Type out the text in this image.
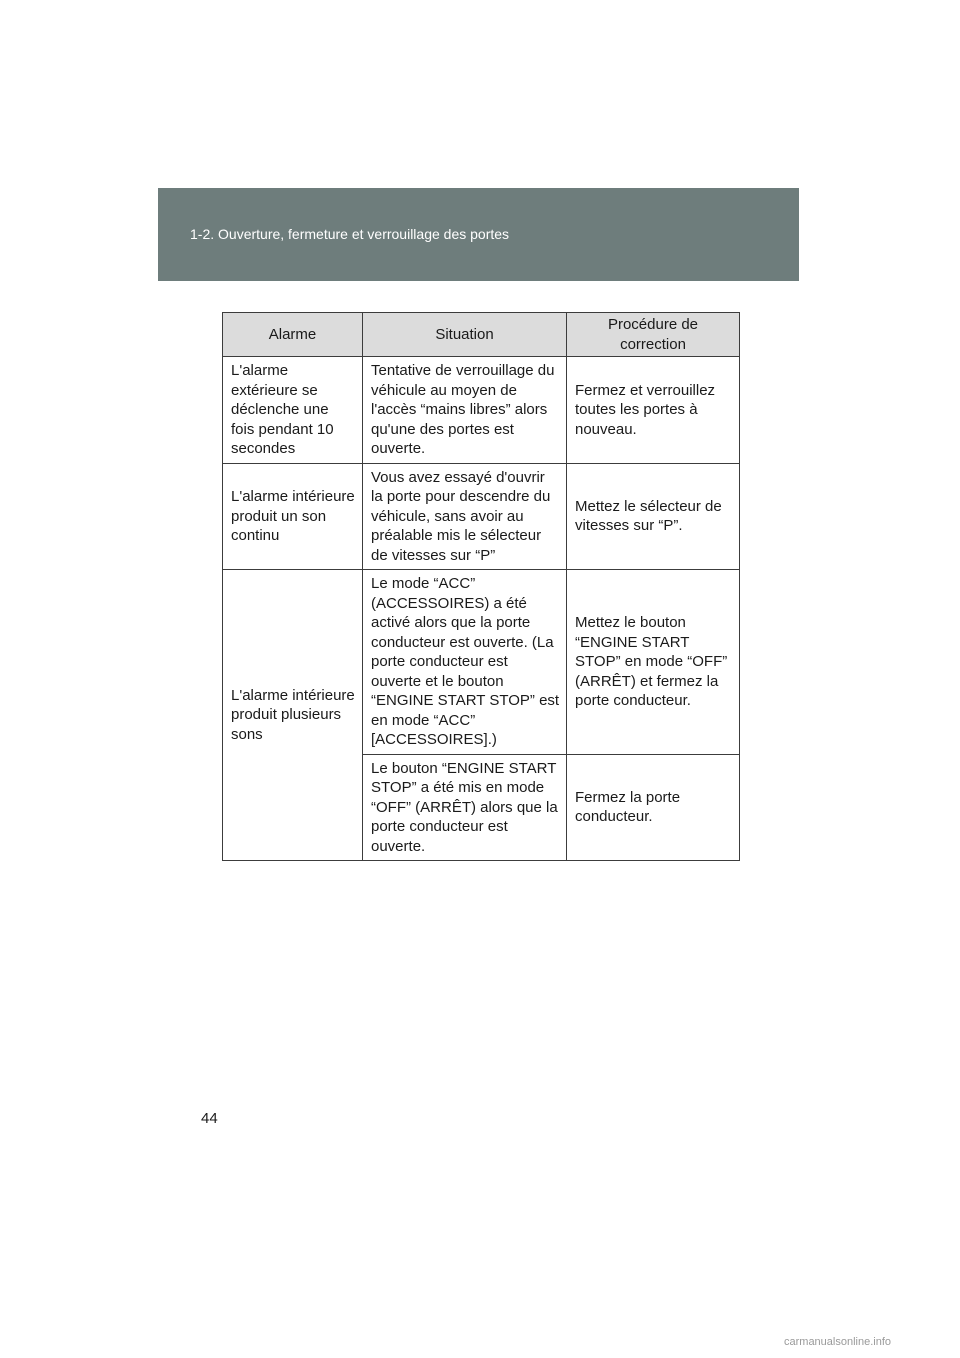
1-2. Ouverture, fermeture et verrouillage des portes
Alarme	Situation	Procédure de correction

L'alarme extérieure se déclenche une fois pendant 10 secondes	Tentative de verrouillage du véhicule au moyen de l'accès “mains libres” alors qu'une des portes est ouverte.	Fermez et verrouillez toutes les portes à nouveau.

L'alarme intérieure produit un son continu	Vous avez essayé d'ouvrir la porte pour descendre du véhicule, sans avoir au préalable mis le sélecteur de vitesses sur “P”	Mettez le sélecteur de vitesses sur “P”.

L'alarme intérieure produit plusieurs sons	Le mode “ACC” (ACCESSOIRES) a été activé alors que la porte conducteur est ouverte. (La porte conducteur est ouverte et le bouton “ENGINE START STOP” est en mode “ACC” [ACCESSOIRES].)	Mettez le bouton “ENGINE START STOP” en mode “OFF” (ARRÊT) et fermez la porte conducteur.

	Le bouton “ENGINE START STOP” a été mis en mode “OFF” (ARRÊT) alors que la porte conducteur est ouverte.	Fermez la porte conducteur.
44
carmanualsonline.info
